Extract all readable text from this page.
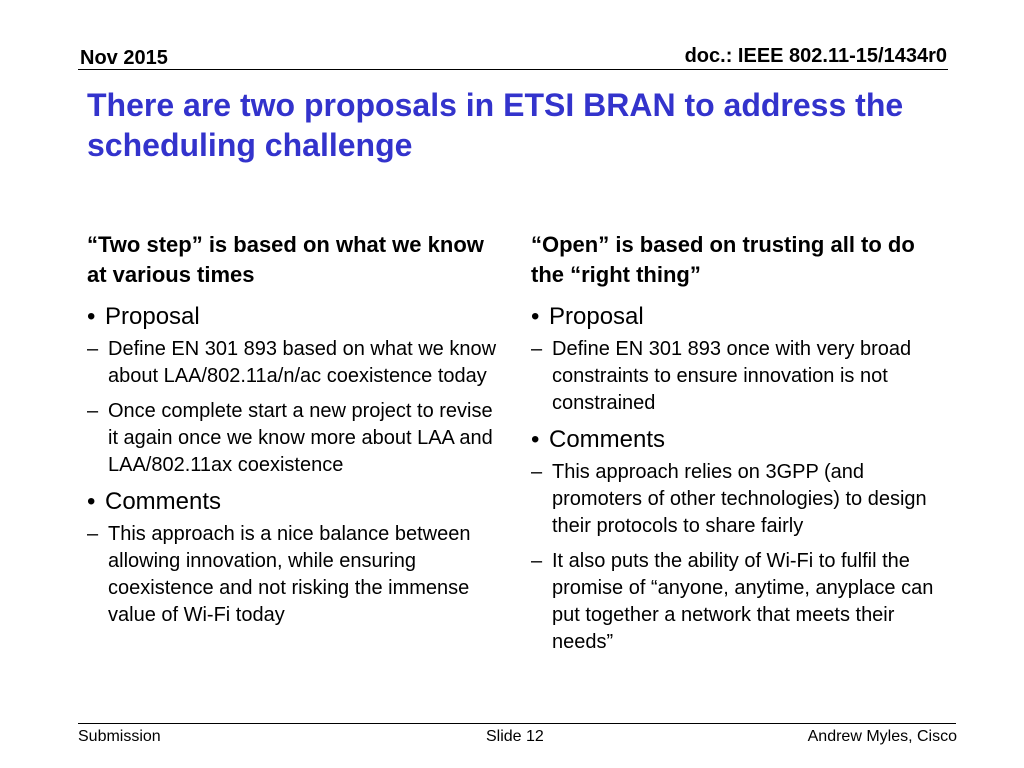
Nov 2015	doc.: IEEE 802.11-15/1434r0
There are two proposals in ETSI BRAN to address the scheduling challenge
“Two step” is based on what we know at various times
• Proposal
– Define EN 301 893 based on what we know about LAA/802.11a/n/ac coexistence today
– Once complete start a new project to revise it again once we know more about LAA and LAA/802.11ax coexistence
• Comments
– This approach is a nice balance between allowing innovation, while ensuring coexistence and not risking the immense value of Wi-Fi today
“Open” is based on trusting all to do the “right thing”
• Proposal
– Define EN 301 893 once with very broad constraints to ensure innovation is not constrained
• Comments
– This approach relies on 3GPP (and promoters of other technologies) to design their protocols to share fairly
– It also puts the ability of Wi-Fi to fulfil the promise of “anyone, anytime, anyplace can put together a network that meets their needs”
Submission	Slide 12	Andrew Myles, Cisco
